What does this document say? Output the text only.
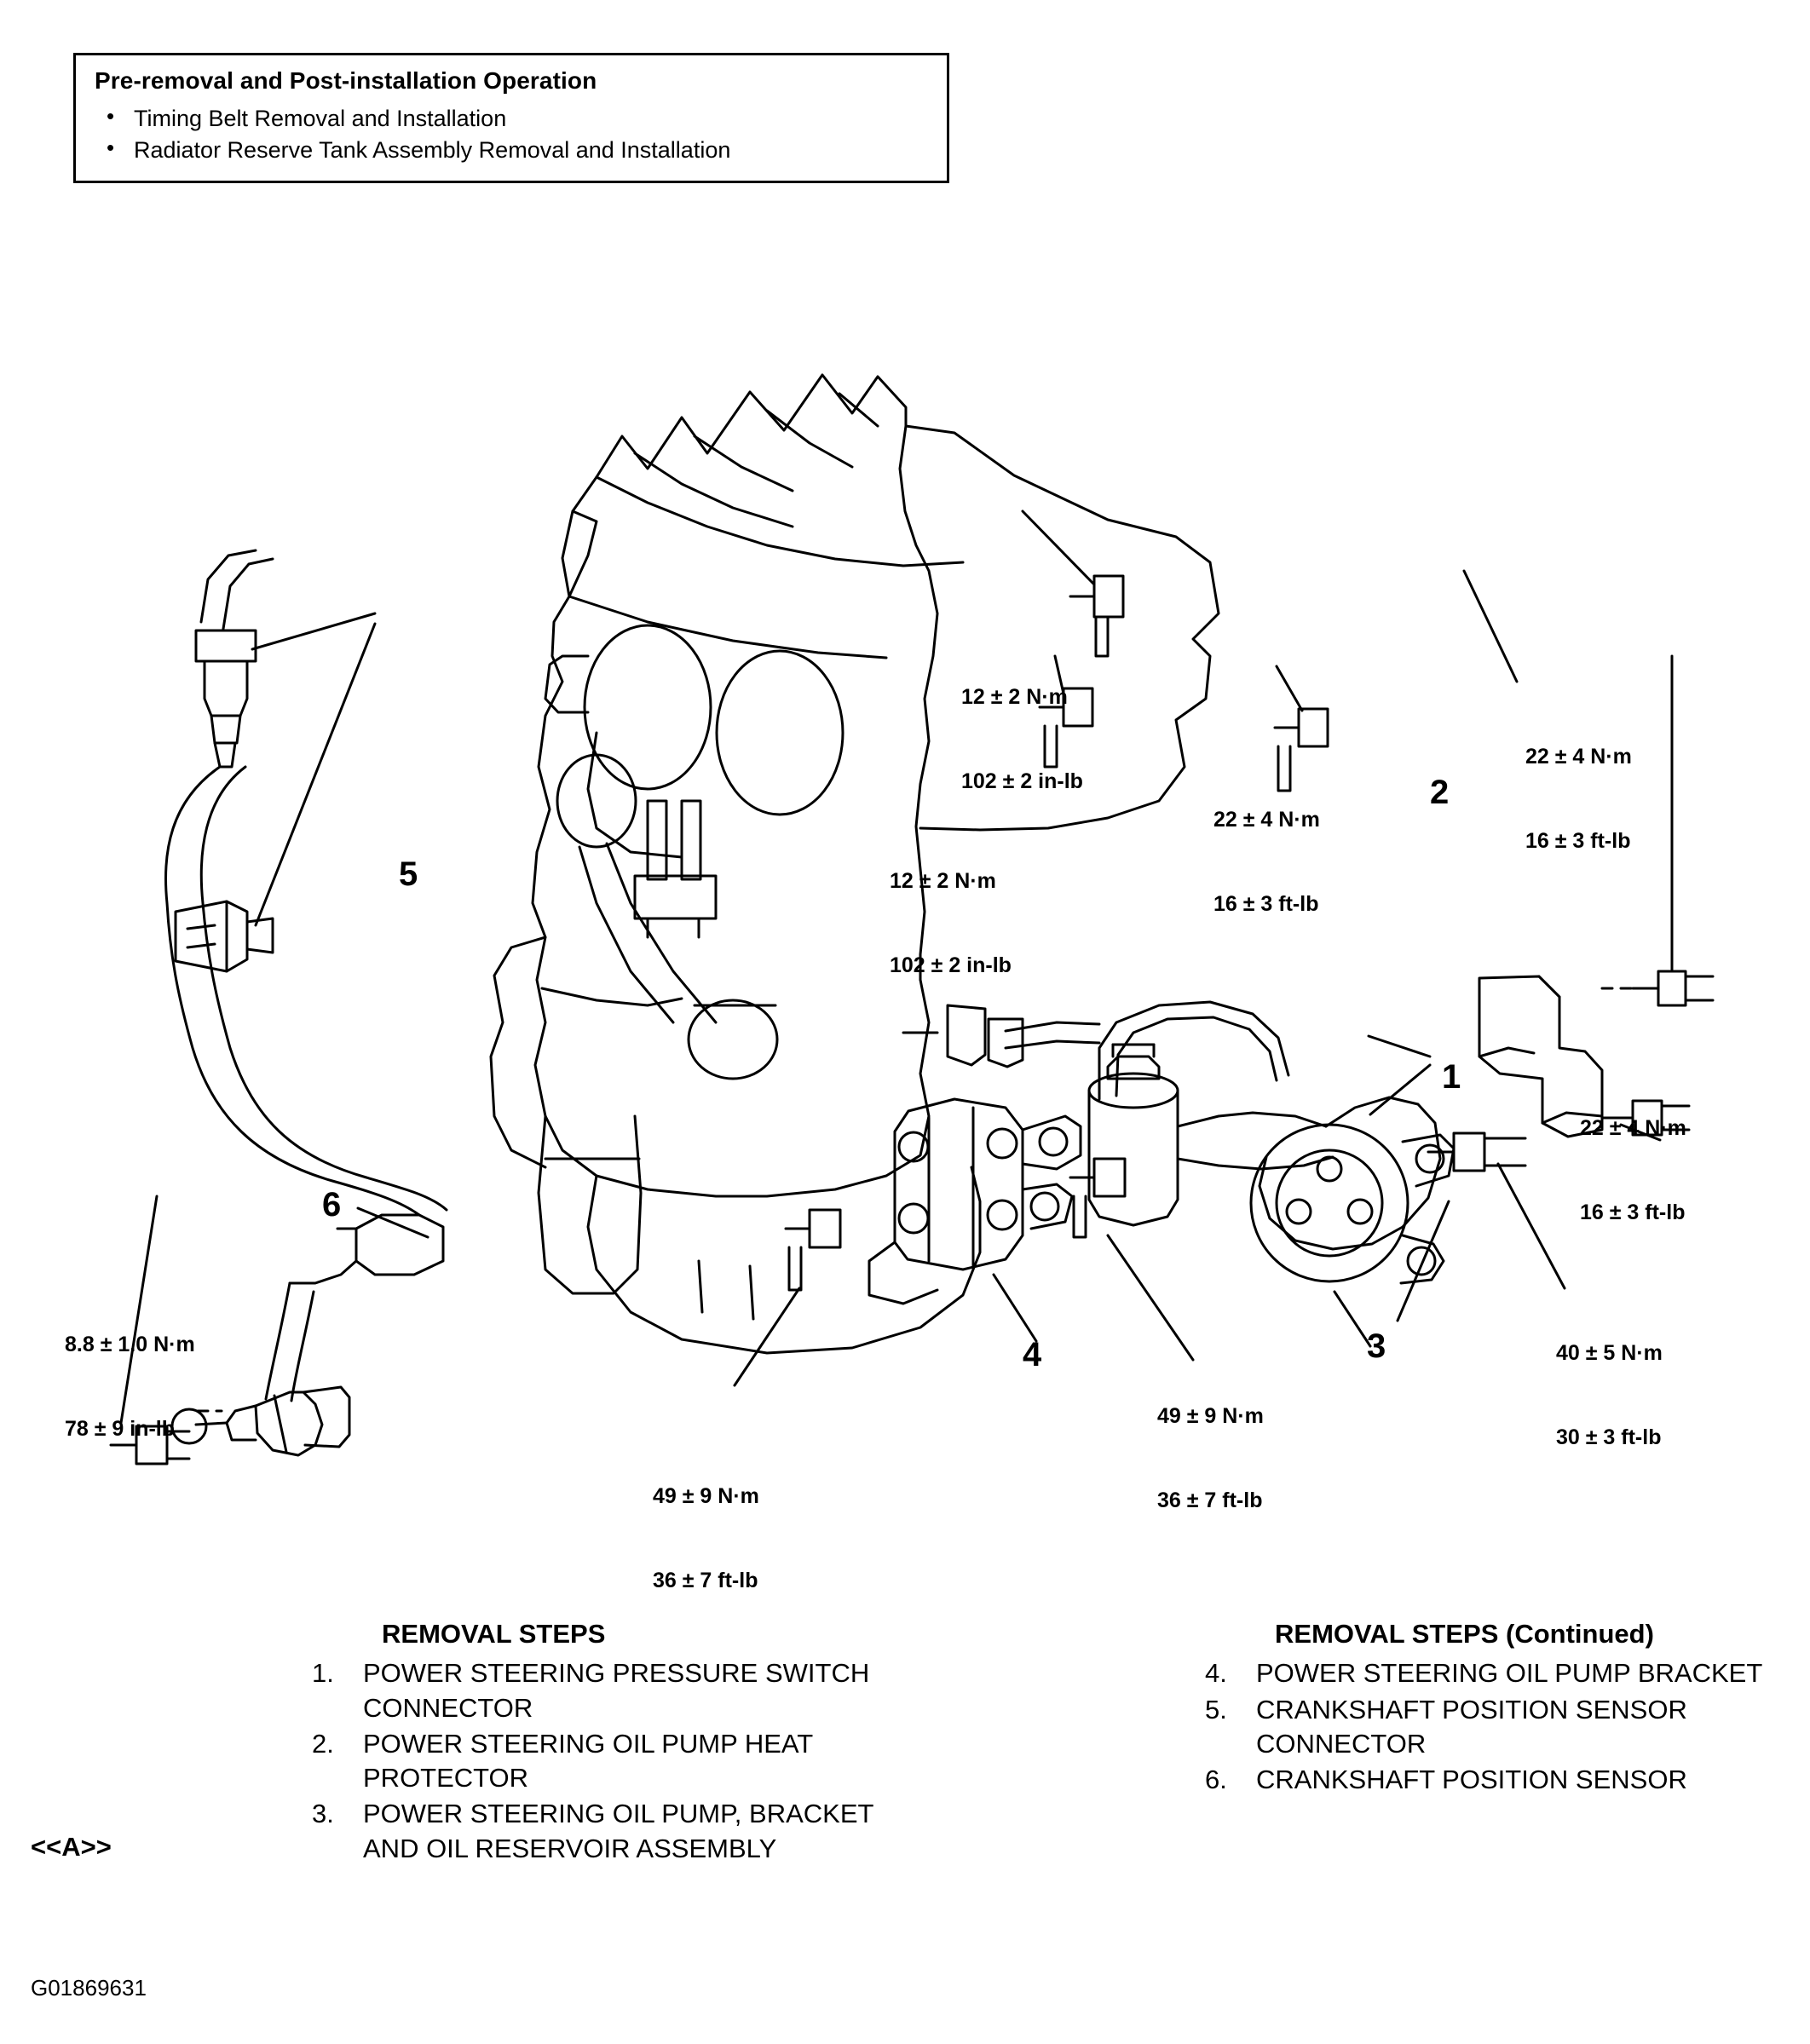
Pre-removal and Post-installation Operation
• Timing Belt Removal and Installation
• Radiator Reserve Tank Assembly Removal and Installation

12 ± 2 N·m

102 ± 2 in-lb

12 ± 2 N·m

102 ± 2 in-lb

22 ± 4 N·m

16 ± 3 ft-lb

22 ± 4 N·m

16 ± 3 ft-lb

22 ± 4 N·m

16 ± 3 ft-lb

40 ± 5 N·m

30 ± 3 ft-lb

49 ± 9 N·m

36 ± 7 ft-lb

49 ± 9 N·m

36 ± 7 ft-lb

8.8 ± 1.0 N·m

78 ± 9 in-lb

1
2
3
4
5
6
REMOVAL STEPS
1.	POWER STEERING PRESSURE SWITCH CONNECTOR
2.	POWER STEERING OIL PUMP HEAT PROTECTOR
3.	POWER STEERING OIL PUMP, BRACKET AND OIL RESERVOIR ASSEMBLY
REMOVAL STEPS (Continued)
4.	POWER STEERING OIL PUMP BRACKET
5.	CRANKSHAFT POSITION SENSOR CONNECTOR
6.	CRANKSHAFT POSITION SENSOR
<<A>>
G01869631
